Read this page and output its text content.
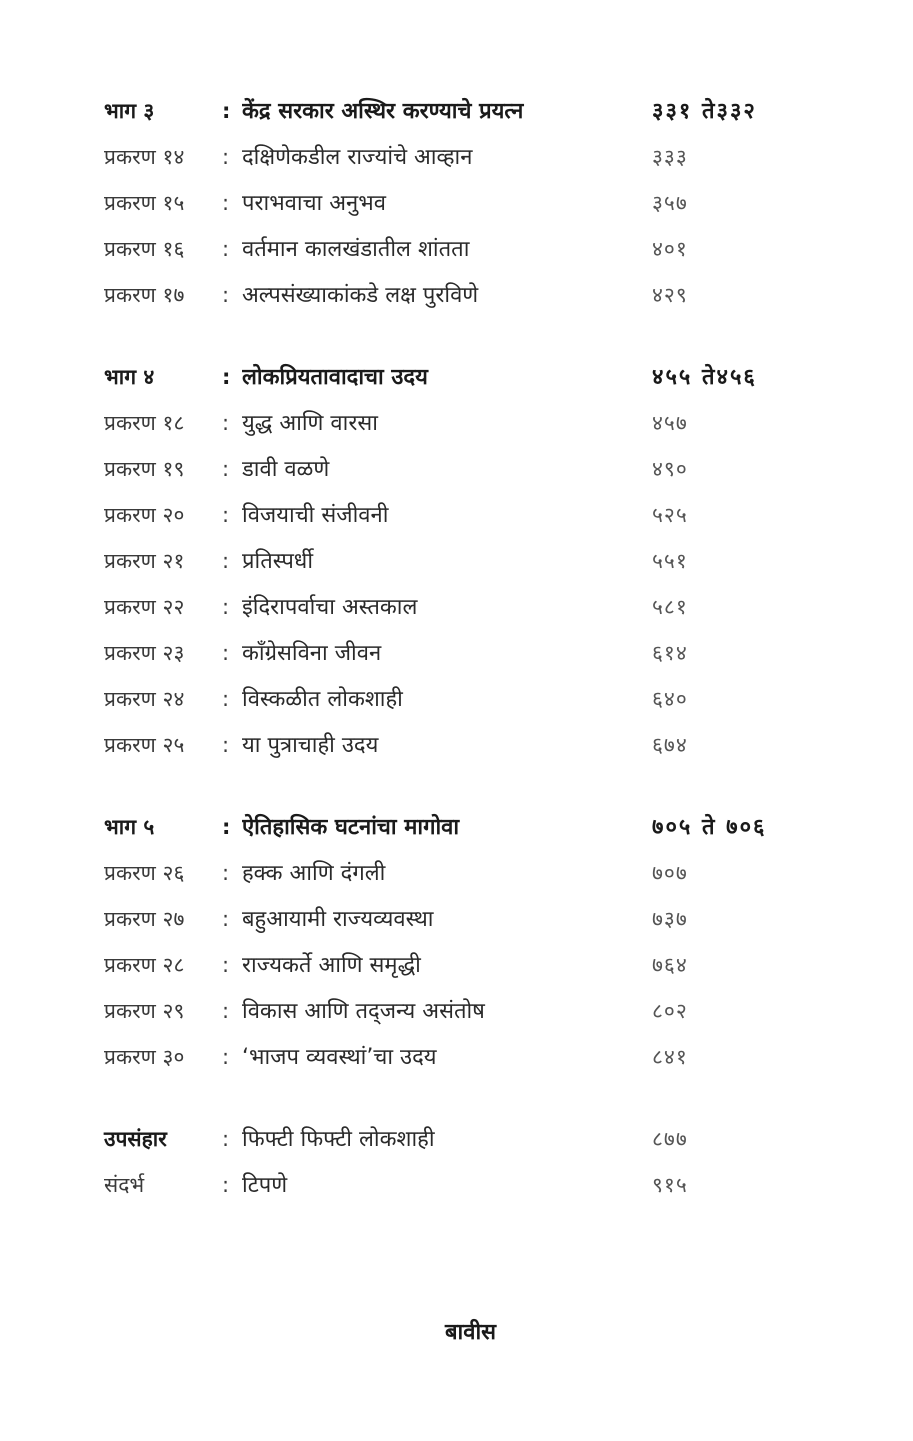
भाग ३	: केंद्र सरकार अस्थिर करण्याचे प्रयत्न	३३१ ते३३२
प्रकरण १४	: दक्षिणेकडील राज्यांचे आव्हान	३३३
प्रकरण १५	: पराभवाचा अनुभव	३५७
प्रकरण १६	: वर्तमान कालखंडातील शांतता	४०१
प्रकरण १७	: अल्पसंख्याकांकडे लक्ष पुरविणे	४२९
भाग ४	: लोकप्रियतावादाचा उदय	४५५ ते४५६
प्रकरण १८	: युद्ध आणि वारसा	४५७
प्रकरण १९	: डावी वळणे	४९०
प्रकरण २०	: विजयाची संजीवनी	५२५
प्रकरण २१	: प्रतिस्पर्धी	५५१
प्रकरण २२	: इंदिरापर्वाचा अस्तकाल	५८१
प्रकरण २३	: काँग्रेसविना जीवन	६१४
प्रकरण २४	: विस्कळीत लोकशाही	६४०
प्रकरण २५	: या पुत्राचाही उदय	६७४
भाग ५	: ऐतिहासिक घटनांचा मागोवा	७०५ ते ७०६
प्रकरण २६	: हक्क आणि दंगली	७०७
प्रकरण २७	: बहुआयामी राज्यव्यवस्था	७३७
प्रकरण २८	: राज्यकर्ते आणि समृद्धी	७६४
प्रकरण २९	: विकास आणि तद्जन्य असंतोष	८०२
प्रकरण ३०	: ‘भाजप व्यवस्थां’चा उदय	८४१
उपसंहार	: फिफ्टी फिफ्टी लोकशाही	८७७
संदर्भ	: टिपणे	९१५
बावीस
